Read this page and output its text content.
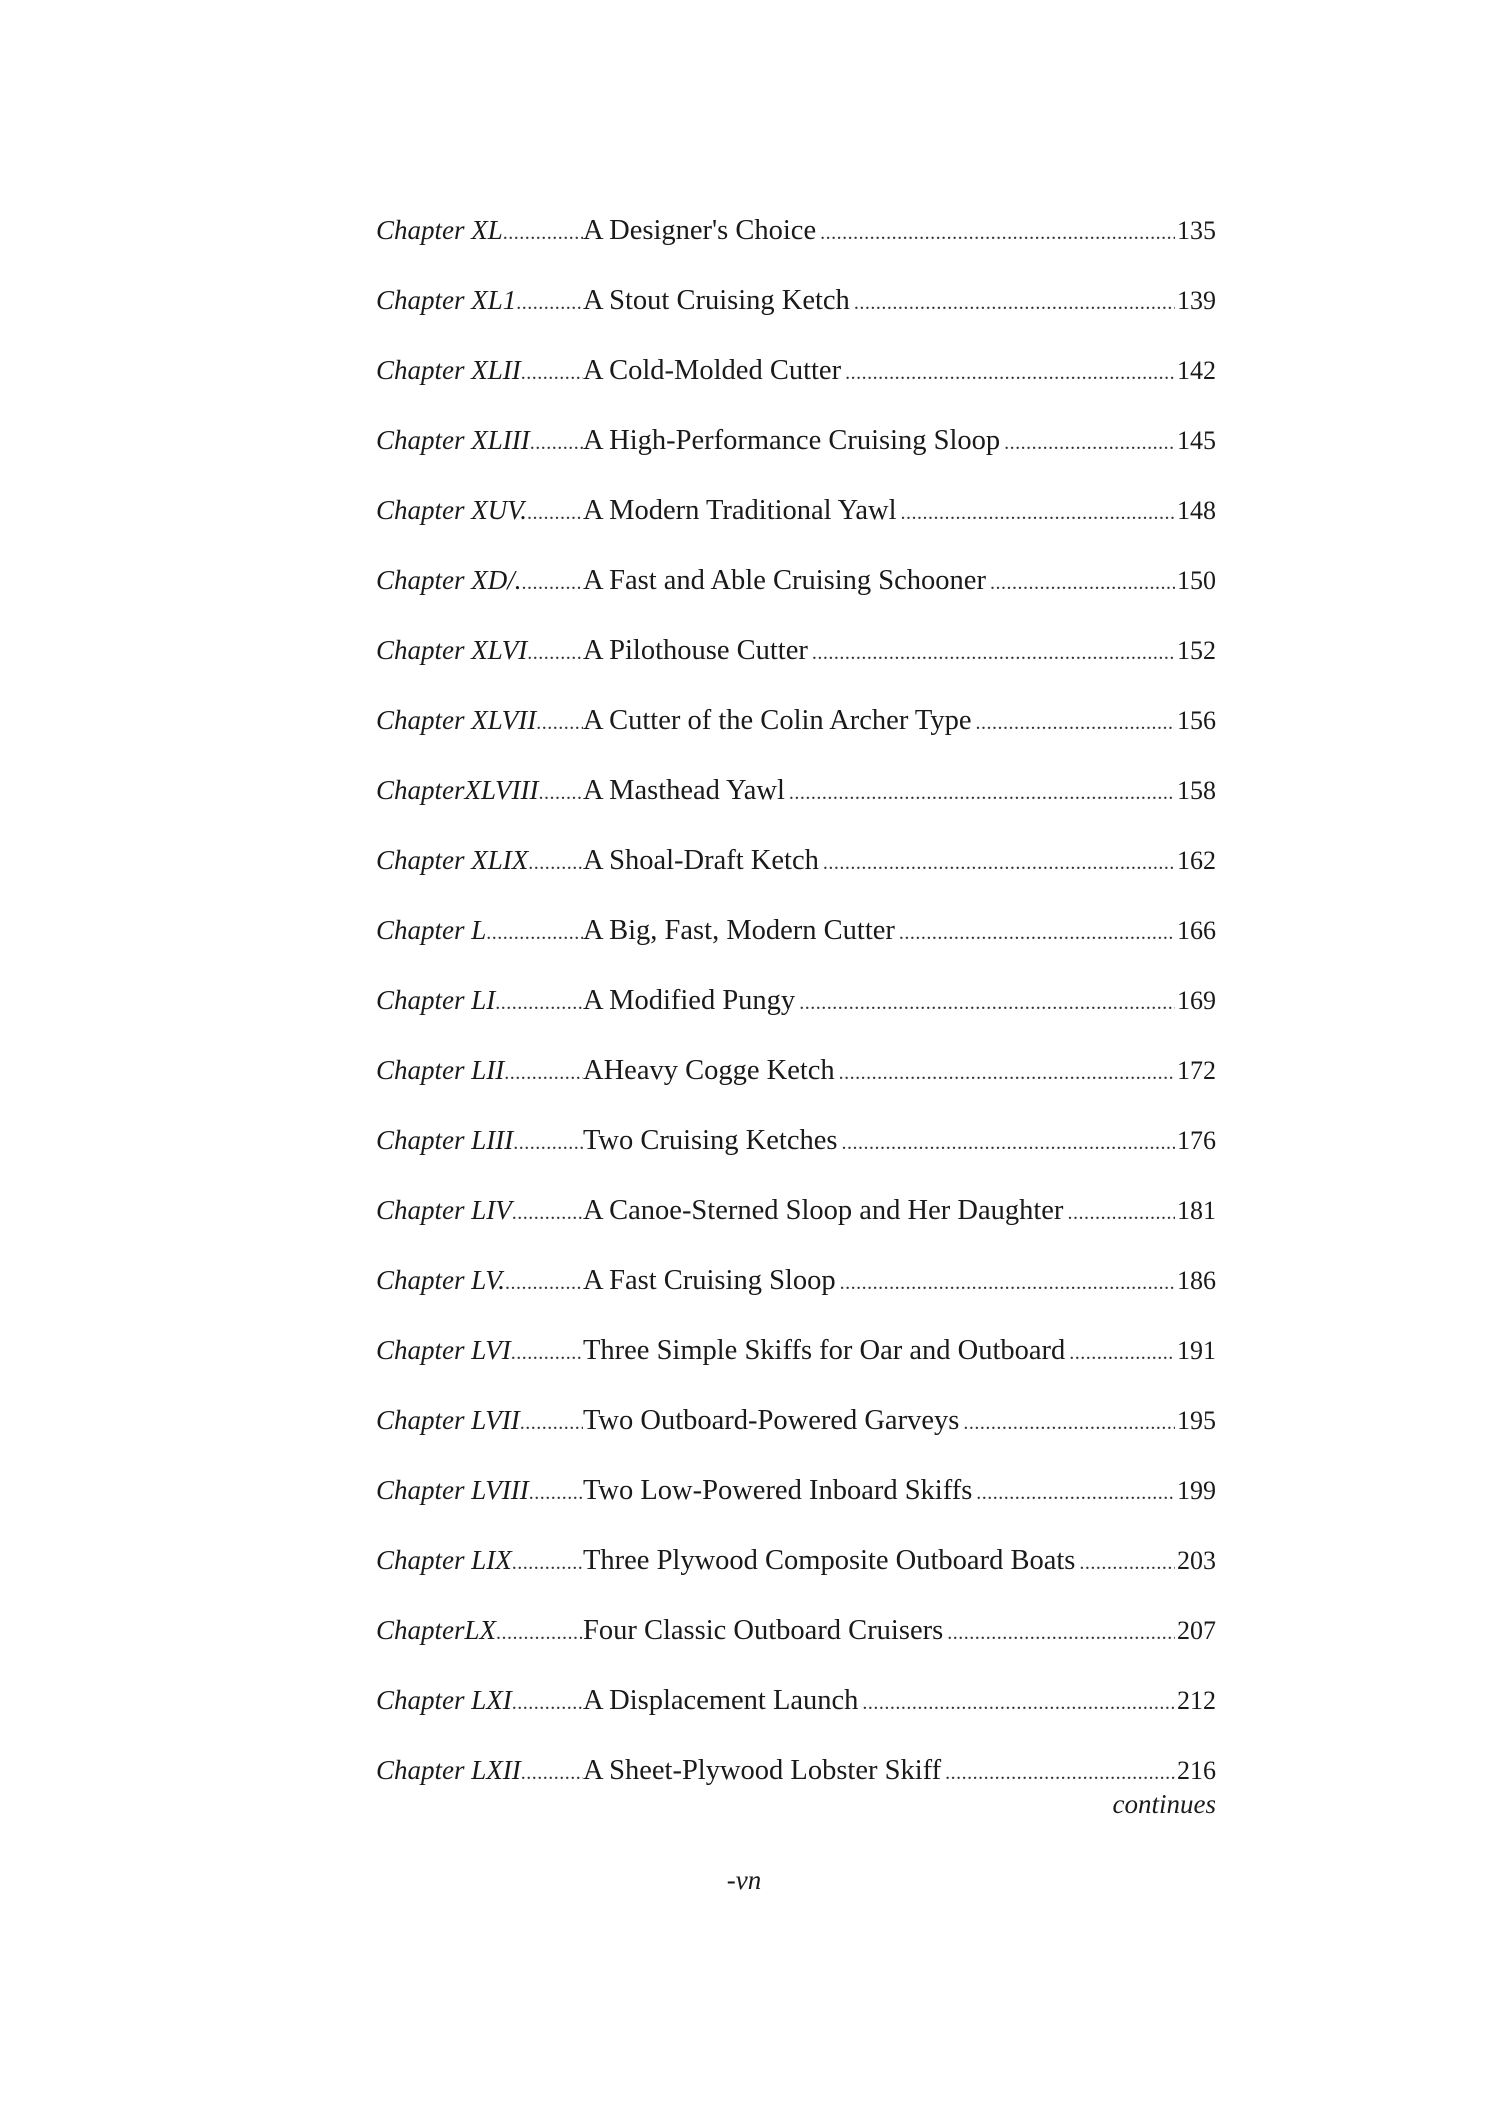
Chapter XL .....	A Designer's Choice .....	135
Chapter XL1 ..... A Stout Cruising Ketch .....	139
Chapter XLII ..... A Cold-Molded Cutter .....	142
Chapter XLIII ..... A High-Performance Cruising Sloop .....	145
Chapter XUV. ..... A Modern Traditional Yawl .....	148
Chapter XD/. ..... A Fast and Able Cruising Schooner .....	150
Chapter XLVI ..... A Pilothouse Cutter .....	152
Chapter XLVII ..... A Cutter of the Colin Archer Type .....	156
ChapterXLVIII ..... A Masthead Yawl .....	158
Chapter XLIX ..... A Shoal-Draft Ketch .....	162
Chapter L .....	A Big, Fast, Modern Cutter .....	166
Chapter LI .....	A Modified Pungy .....	169
Chapter LII .....	AHeavy Cogge Ketch .....	172
Chapter LIII ..... Two Cruising Ketches .....	176
Chapter LIV ..... A Canoe-Sterned Sloop and Her Daughter .....	181
Chapter LV. .....	A Fast Cruising Sloop .....	186
Chapter LVI .....	Three Simple Skiffs for Oar and Outboard .....	191
Chapter LVII ..... Two Outboard-Powered Garveys .....	195
Chapter LVIII ..... Two Low-Powered Inboard Skiffs .....	199
Chapter LIX ..... Three Plywood Composite Outboard Boats .....	203
ChapterLX .....	Four Classic Outboard Cruisers .....	207
Chapter LXI ..... A Displacement Launch .....	212
Chapter LXII ..... A Sheet-Plywood Lobster Skiff .....	216
continues
-vn
